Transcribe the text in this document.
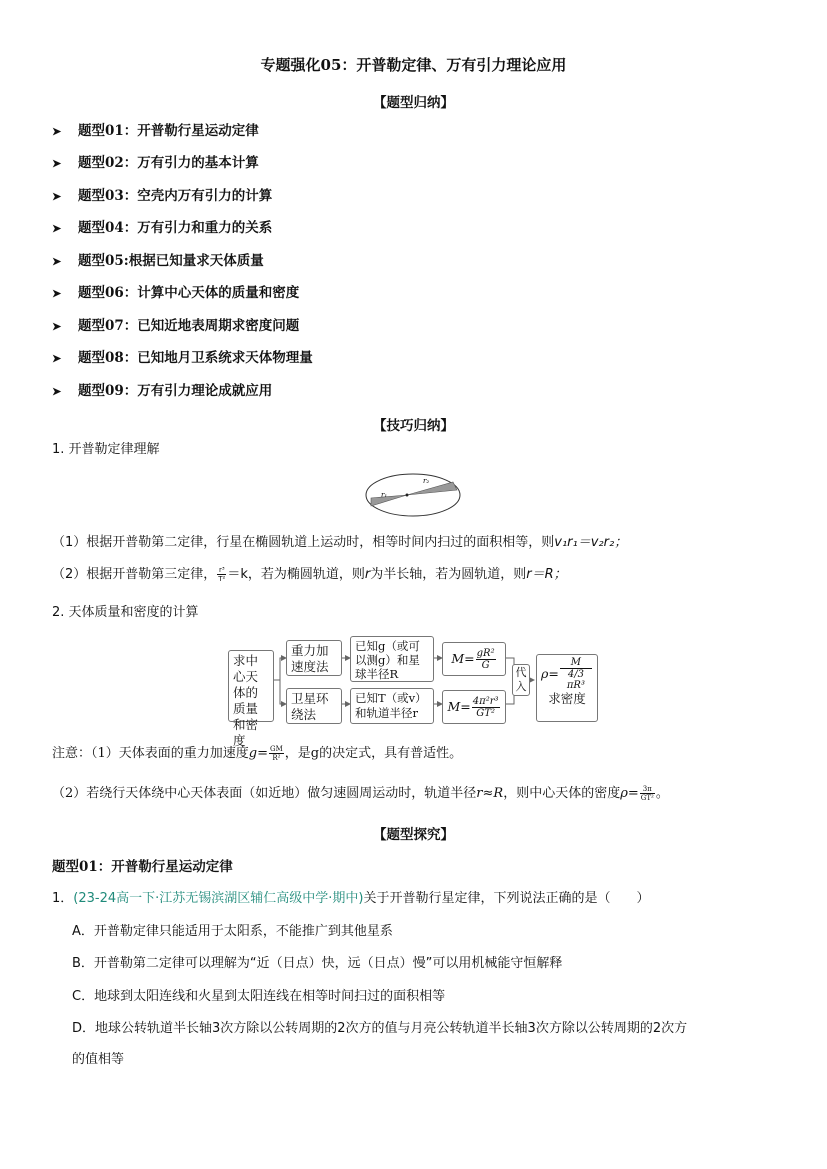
专题强化05：开普勒定律、万有引力理论应用
【题型归纳】
➤ 题型01：开普勒行星运动定律
➤ 题型02：万有引力的基本计算
➤ 题型03：空壳内万有引力的计算
➤ 题型04：万有引力和重力的关系
➤ 题型05:根据已知量求天体质量
➤ 题型06：计算中心天体的质量和密度
➤ 题型07：已知近地表周期求密度问题
➤ 题型08：已知地月卫系统求天体物理量
➤ 题型09：万有引力理论成就应用
【技巧归纳】
1. 开普勒定律理解
r₁
r₂
（1）根据开普勒第二定律，行星在椭圆轨道上运动时，相等时间内扫过的面积相等，则v₁r₁＝v₂r₂；
（2）根据开普勒第三定律， $\frac{\text{r³}}{\text{T²}} =k$，若为椭圆轨道，则r为半长轴，若为圆轨道，则r＝R；
2. 天体质量和密度的计算
求中心天体的质量和密度
重力加速度法
卫星环绕法
已知g（或可以测g）和星球半径R
已知T（或v）和轨道半径r
$M= \frac{\text{gR²}}{G}$
$M= \frac{\text{4π²r³}}{\text{GT²}}$
代入
$\rho= \frac{M}{\text{4/3 πR³}}$
求密度
注意：（1）天体表面的重力加速度$g= \frac{GM}{\text{R²}}$ ，是g的决定式，具有普适性。
（2）若绕行天体绕中心天体表面（如近地）做匀速圆周运动时，轨道半径r≈R，则中心天体的密度$\rho= \frac{3\pi}{\text{GT²}}$ 。
【题型探究】
题型01：开普勒行星运动定律
1．(23-24高一下·江苏无锡滨湖区辅仁高级中学·期中)关于开普勒行星定律，下列说法正确的是（　　）
A．开普勒定律只能适用于太阳系，不能推广到其他星系
B．开普勒第二定律可以理解为“近（日点）快，远（日点）慢”可以用机械能守恒解释
C．地球到太阳连线和火星到太阳连线在相等时间扫过的面积相等
D．地球公转轨道半长轴3次方除以公转周期的2次方的值与月亮公转轨道半长轴3次方除以公转周期的2次方
的值相等
